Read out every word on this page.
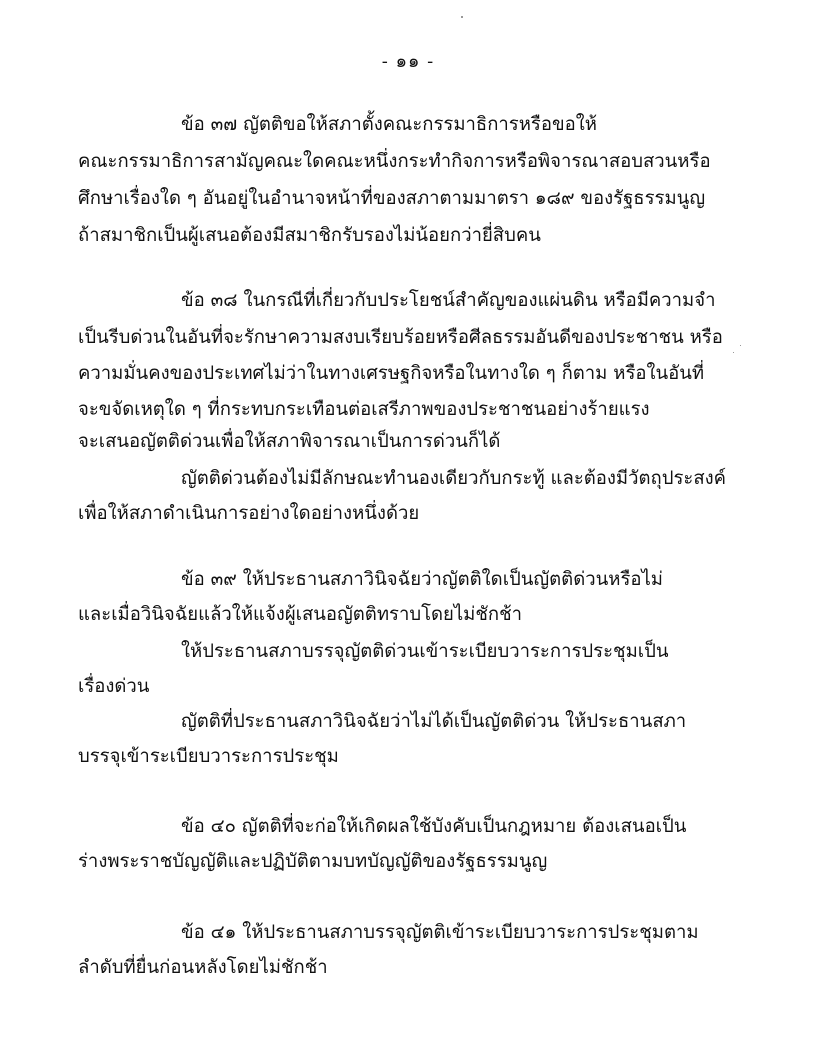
- ๑๑ -
ข้อ ๓๗ ญัตติขอให้สภาตั้งคณะกรรมาธิการหรือขอให้
คณะกรรมาธิการสามัญคณะใดคณะหนึ่งกระทำกิจการหรือพิจารณาสอบสวนหรือ
ศึกษาเรื่องใด ๆ อันอยู่ในอำนาจหน้าที่ของสภาตามมาตรา ๑๘๙ ของรัฐธรรมนูญ
ถ้าสมาชิกเป็นผู้เสนอต้องมีสมาชิกรับรองไม่น้อยกว่ายี่สิบคน
ข้อ ๓๘ ในกรณีที่เกี่ยวกับประโยชน์สำคัญของแผ่นดิน หรือมีความจำ
เป็นรีบด่วนในอันที่จะรักษาความสงบเรียบร้อยหรือศีลธรรมอันดีของประชาชน หรือ
ความมั่นคงของประเทศไม่ว่าในทางเศรษฐกิจหรือในทางใด ๆ ก็ตาม หรือในอันที่
จะขจัดเหตุใด ๆ ที่กระทบกระเทือนต่อเสรีภาพของประชาชนอย่างร้ายแรง
จะเสนอญัตติด่วนเพื่อให้สภาพิจารณาเป็นการด่วนก็ได้
ญัตติด่วนต้องไม่มีลักษณะทำนองเดียวกับกระทู้ และต้องมีวัตถุประสงค์
เพื่อให้สภาดำเนินการอย่างใดอย่างหนึ่งด้วย
ข้อ ๓๙ ให้ประธานสภาวินิจฉัยว่าญัตติใดเป็นญัตติด่วนหรือไม่
และเมื่อวินิจฉัยแล้วให้แจ้งผู้เสนอญัตติทราบโดยไม่ชักช้า
ให้ประธานสภาบรรจุญัตติด่วนเข้าระเบียบวาระการประชุมเป็น
เรื่องด่วน
ญัตติที่ประธานสภาวินิจฉัยว่าไม่ได้เป็นญัตติด่วน ให้ประธานสภา
บรรจุเข้าระเบียบวาระการประชุม
ข้อ ๔๐ ญัตติที่จะก่อให้เกิดผลใช้บังคับเป็นกฎหมาย ต้องเสนอเป็น
ร่างพระราชบัญญัติและปฏิบัติตามบทบัญญัติของรัฐธรรมนูญ
ข้อ ๔๑ ให้ประธานสภาบรรจุญัตติเข้าระเบียบวาระการประชุมตาม
ลำดับที่ยื่นก่อนหลังโดยไม่ชักช้า
